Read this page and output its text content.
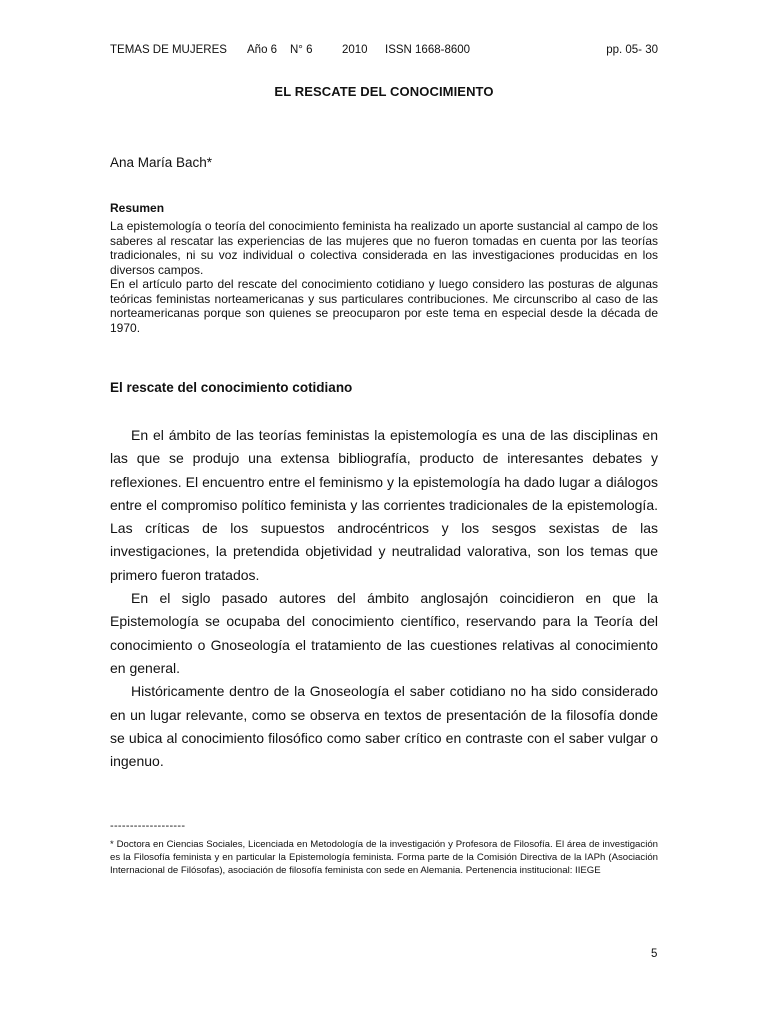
TEMAS DE MUJERES Año 6 N° 6	2010 ISSN 1668-8600	pp. 05- 30
EL RESCATE DEL CONOCIMIENTO
Ana María Bach*
Resumen

La epistemología o teoría del conocimiento feminista ha realizado un aporte sustancial al campo de los saberes al rescatar las experiencias de las mujeres que no fueron tomadas en cuenta por las teorías tradicionales, ni su voz individual o colectiva considerada en las investigaciones producidas en los diversos campos.

En el artículo parto del rescate del conocimiento cotidiano y luego considero las posturas de algunas teóricas feministas norteamericanas y sus particulares contribuciones. Me circunscribo al caso de las norteamericanas porque son quienes se preocuparon por este tema en especial desde la década de 1970.

El rescate del conocimiento cotidiano

En el ámbito de las teorías feministas la epistemología es una de las disciplinas en las que se produjo una extensa bibliografía, producto de interesantes debates y reflexiones. El encuentro entre el feminismo y la epistemología ha dado lugar a diálogos entre el compromiso político feminista y las corrientes tradicionales de la epistemología. Las críticas de los supuestos androcéntricos y los sesgos sexistas de las investigaciones, la pretendida objetividad y neutralidad valorativa, son los temas que primero fueron tratados.

En el siglo pasado autores del ámbito anglosajón coincidieron en que la Epistemología se ocupaba del conocimiento científico, reservando para la Teoría del conocimiento o Gnoseología el tratamiento de las cuestiones relativas al conocimiento en general.

Históricamente dentro de la Gnoseología el saber cotidiano no ha sido considerado en un lugar relevante, como se observa en textos de presentación de la filosofía donde se ubica al conocimiento filosófico como saber crítico en contraste con el saber vulgar o ingenuo.

-------------------

* Doctora en Ciencias Sociales, Licenciada en Metodología de la investigación y Profesora de Filosofía. El área de investigación es la Filosofía feminista y en particular la Epistemología feminista. Forma parte de la Comisión Directiva de la IAPh (Asociación Internacional de Filósofas), asociación de filosofía feminista con sede en Alemania. Pertenencia institucional: IIEGE

5
